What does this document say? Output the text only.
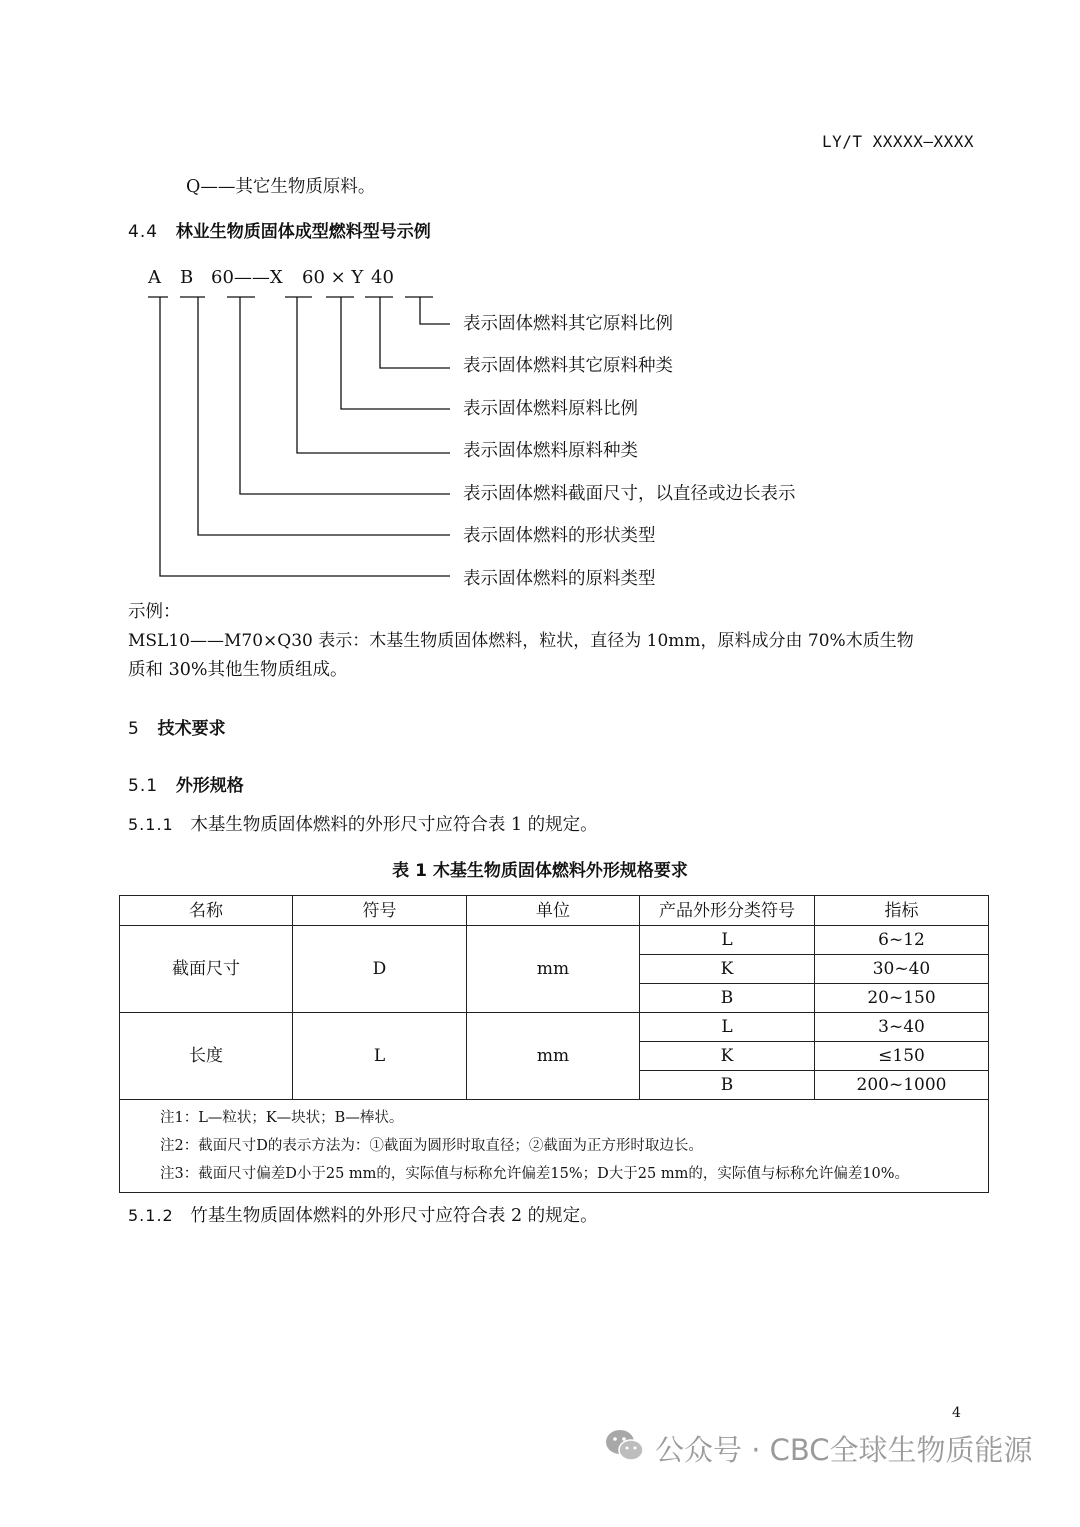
LY/T XXXXX—XXXX
Q——其它生物质原料。
4.4 林业生物质固体成型燃料型号示例
A B 60——X 60 × Y 40
表示固体燃料其它原料比例
表示固体燃料其它原料种类
表示固体燃料原料比例
表示固体燃料原料种类
表示固体燃料截面尺寸，以直径或边长表示
表示固体燃料的形状类型
表示固体燃料的原料类型
示例：
MSL10——M70×Q30 表示：木基生物质固体燃料，粒状，直径为 10mm，原料成分由 70%木质生物
质和 30%其他生物质组成。
5 技术要求
5.1 外形规格
5.1.1 木基生物质固体燃料的外形尺寸应符合表 1 的规定。
表 1 木基生物质固体燃料外形规格要求
名称	符号	单位	产品外形分类符号	指标
截面尺寸	D	mm	L	6~12
			K	30~40
			B	20~150
长度	L	mm	L	3~40
			K	≤150
			B	200~1000

注1：L—粒状；K—块状；B—棒状。
注2：截面尺寸D的表示方法为：①截面为圆形时取直径；②截面为正方形时取边长。
注3：截面尺寸偏差D小于25 mm的，实际值与标称允许偏差15%；D大于25 mm的，实际值与标称允许偏差10%。				
5.1.2 竹基生物质固体燃料的外形尺寸应符合表 2 的规定。
4
公众号 · CBC全球生物质能源
